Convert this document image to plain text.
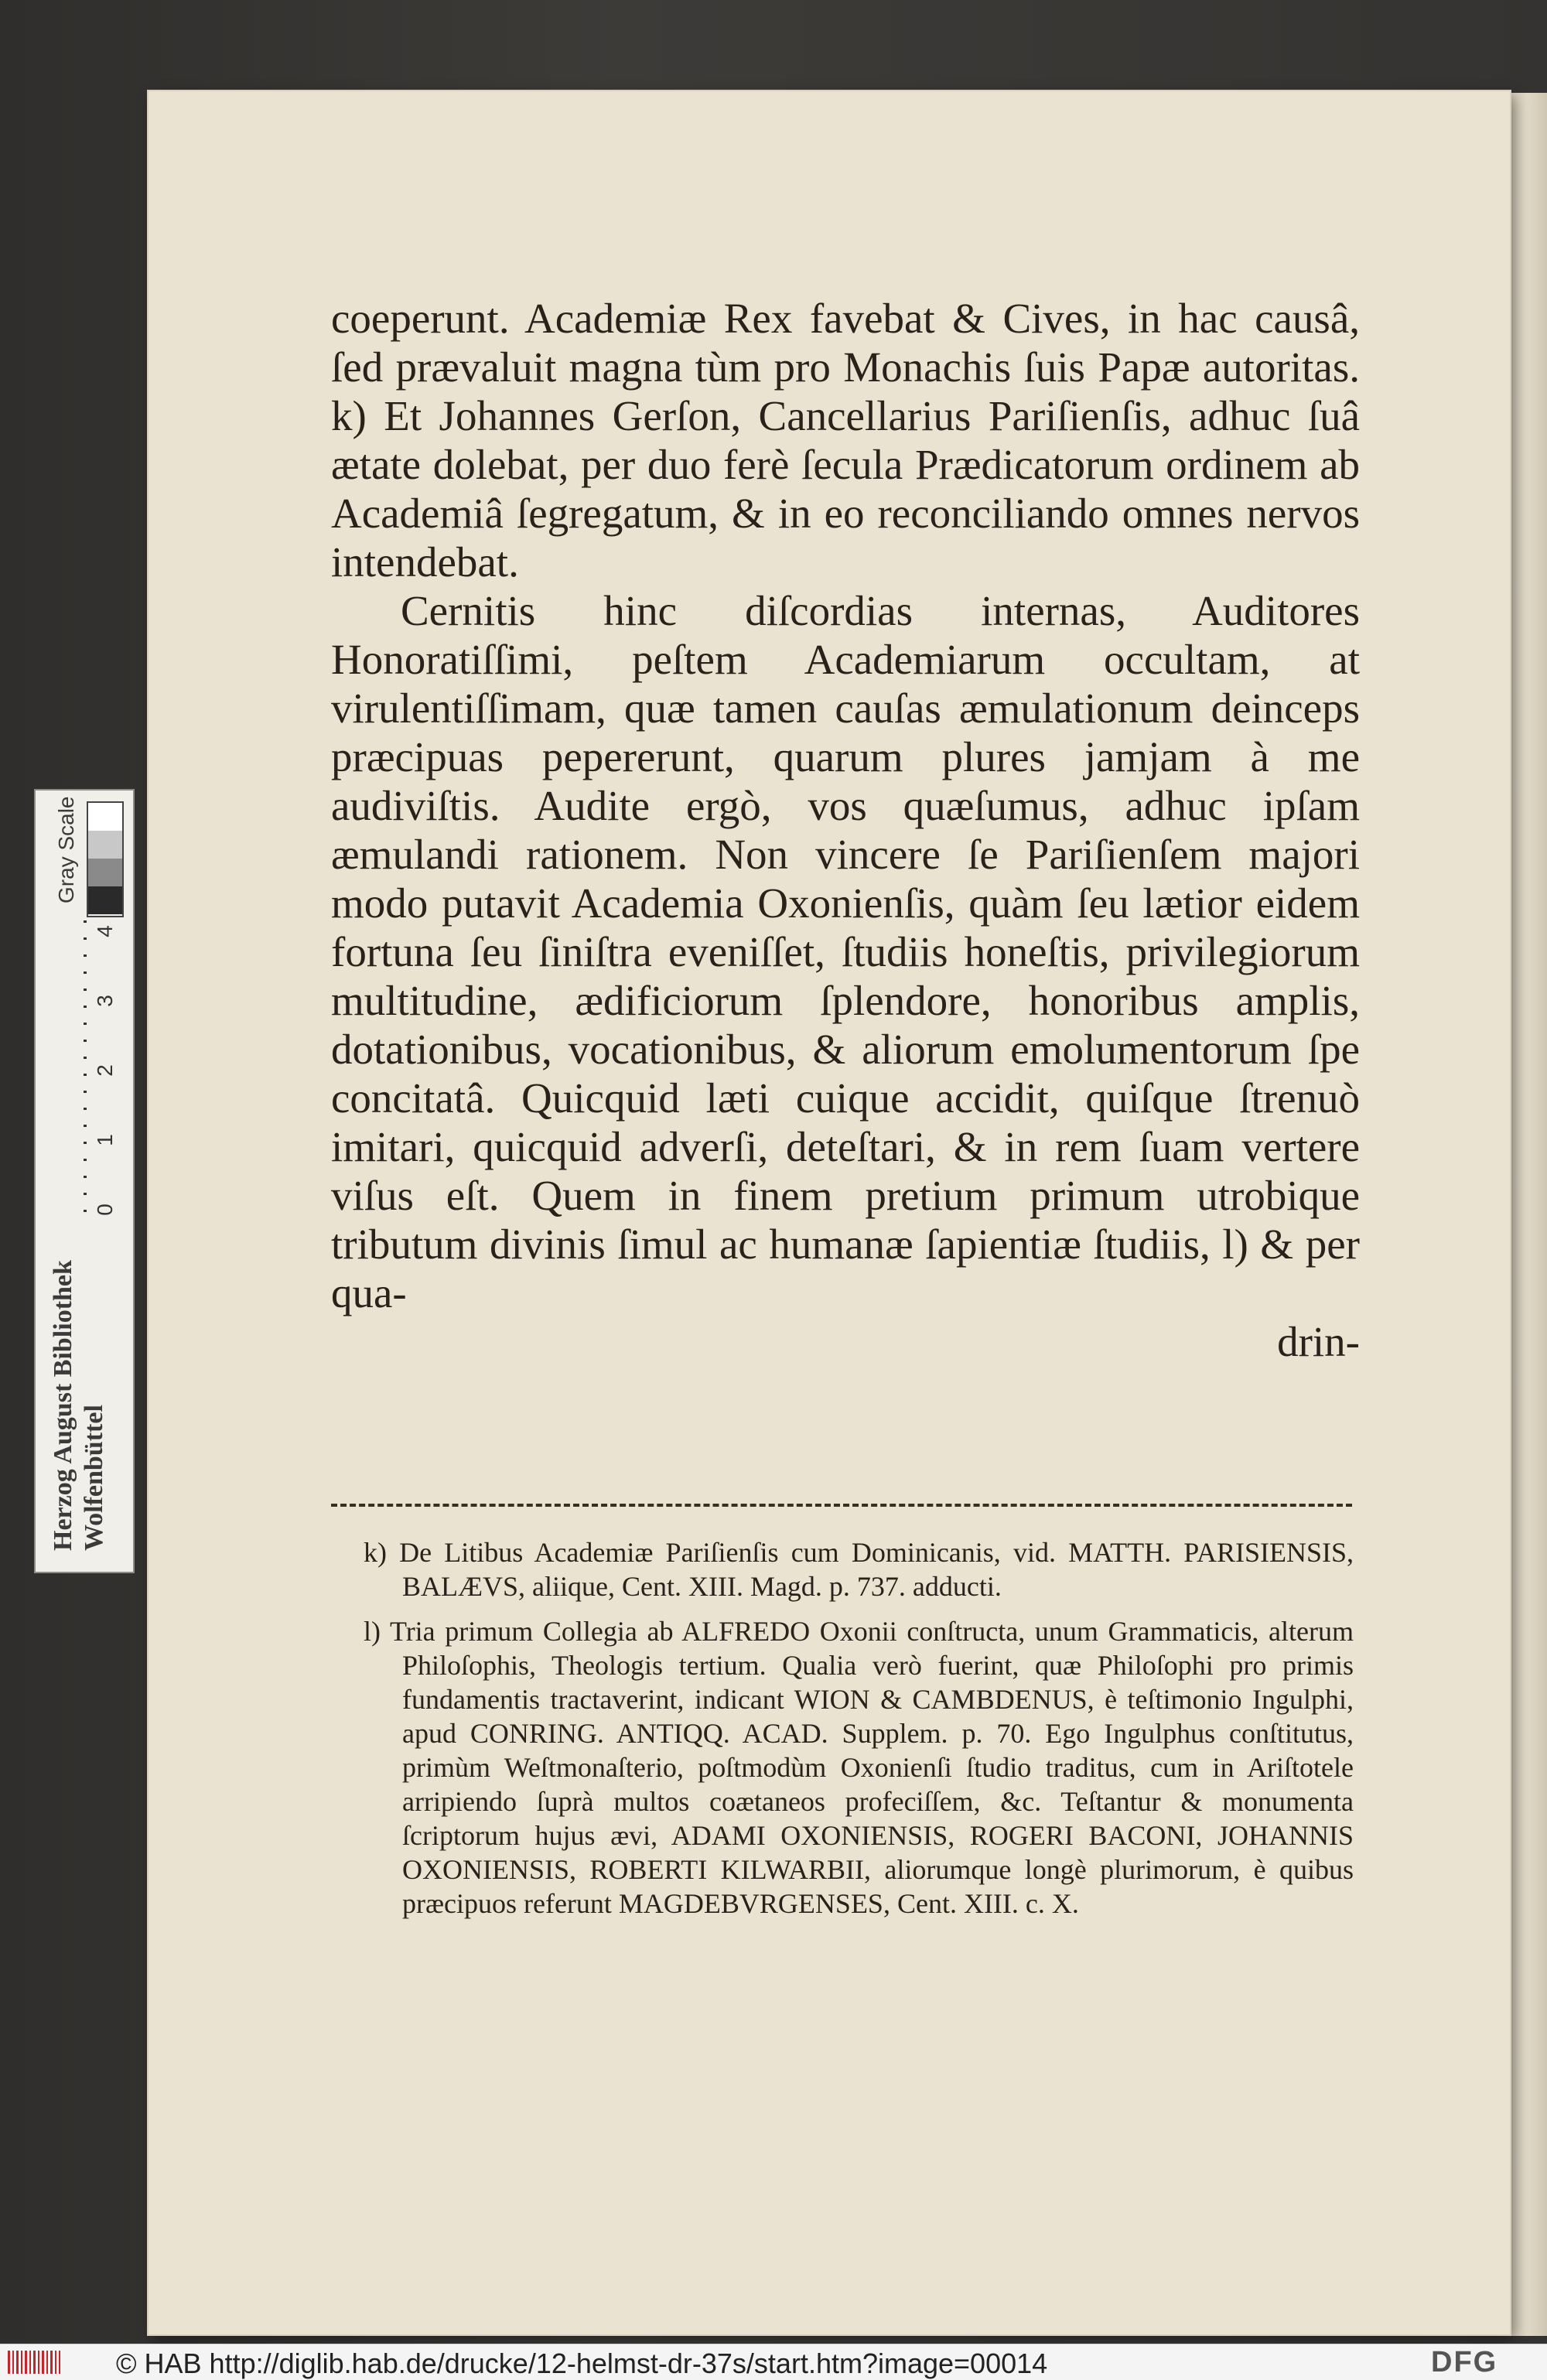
coeperunt. Academiæ Rex favebat & Cives, in hac causâ, ſed prævaluit magna tùm pro Monachis ſuis Papæ autoritas. k) Et Johannes Gerſon, Cancellarius Pariſienſis, adhuc ſuâ ætate dolebat, per duo ferè ſecula Prædicatorum ordinem ab Academiâ ſegregatum, & in eo reconciliando omnes nervos intendebat.

Cernitis hinc diſcordias internas, Auditores Honoratiſſimi, peſtem Academiarum occultam, at virulentiſſimam, quæ tamen cauſas æmulationum deinceps præcipuas pepererunt, quarum plures jamjam à me audiviſtis. Audite ergò, vos quæſumus, adhuc ipſam æmulandi rationem. Non vincere ſe Pariſienſem majori modo putavit Academia Oxonienſis, quàm ſeu lætior eidem fortuna ſeu ſiniſtra eveniſſet, ſtudiis honeſtis, privilegiorum multitudine, ædificiorum ſplendore, honoribus amplis, dotationibus, vocationibus, & aliorum emolumentorum ſpe concitatâ. Quicquid læti cuique accidit, quiſque ſtrenuò imitari, quicquid adverſi, deteſtari, & in rem ſuam vertere viſus eſt. Quem in finem pretium primum utrobique tributum divinis ſimul ac humanæ ſapientiæ ſtudiis, l) & per qua-

drin-

k) De Litibus Academiæ Pariſienſis cum Dominicanis, vid. MATTH. PARISIENSIS, BALÆVS, aliique, Cent. XIII. Magd. p. 737. adducti.

l) Tria primum Collegia ab ALFREDO Oxonii conſtructa, unum Grammaticis, alterum Philoſophis, Theologis tertium. Qualia verò fuerint, quæ Philoſophi pro primis fundamentis tractaverint, indicant WION & CAMBDENUS, è teſtimonio Ingulphi, apud CONRING. ANTIQQ. ACAD. Supplem. p. 70. Ego Ingulphus conſtitutus, primùm Weſtmonaſterio, poſtmodùm Oxonienſi ſtudio traditus, cum in Ariſtotele arripiendo ſuprà multos coætaneos profeciſſem, &c. Teſtantur & monumenta ſcriptorum hujus ævi, ADAMI OXONIENSIS, ROGERI BACONI, JOHANNIS OXONIENSIS, ROBERTI KILWARBII, aliorumque longè plurimorum, è quibus præcipuos referunt MAGDEBVRGENSES, Cent. XIII. c. X.

Gray Scale
0
1
2
3
4
Wolfenbüttel
© HAB http://diglib.hab.de/drucke/12-helmst-dr-37s/start.htm?image=00014	DFG
